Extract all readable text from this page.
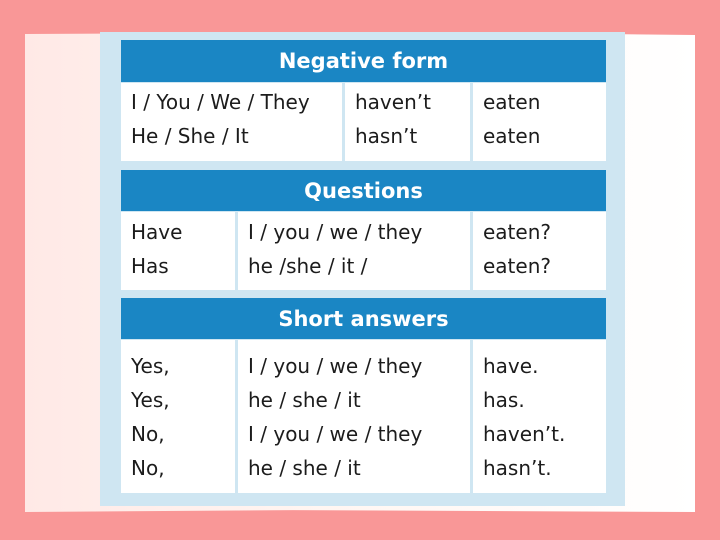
Negative form
I / You / We / They
He / She / It
haven’t
hasn’t
eaten
eaten
Questions
Have
Has
I / you / we / they
he /she / it /
eaten?
eaten?
Short answers
Yes,
Yes,
No,
No,
I / you / we / they
he / she / it
I / you / we / they
he / she / it
have.
has.
haven’t.
hasn’t.
